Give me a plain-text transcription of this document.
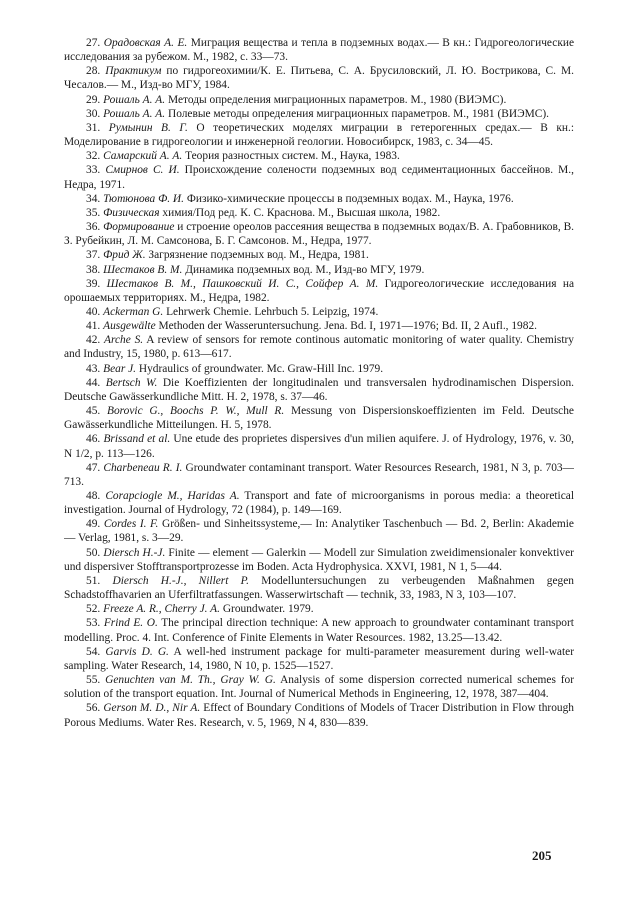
27. Орадовская А. Е. Миграция вещества и тепла в подземных водах.— В кн.: Гидрогеологические исследования за рубежом. М., 1982, с. 33—73.

28. Практикум по гидрогеохимии/К. Е. Питьева, С. А. Брусиловский, Л. Ю. Вострикова, С. М. Чесалов.— М., Изд-во МГУ, 1984.

29. Рошаль А. А. Методы определения миграционных параметров. М., 1980 (ВИЭМС).

30. Рошаль А. А. Полевые методы определения миграционных параметров. М., 1981 (ВИЭМС).

31. Румынин В. Г. О теоретических моделях миграции в гетерогенных средах.— В кн.: Моделирование в гидрогеологии и инженерной геологии. Новосибирск, 1983, с. 34—45.

32. Самарский А. А. Теория разностных систем. М., Наука, 1983.

33. Смирнов С. И. Происхождение солености подземных вод седиментационных бассейнов. М., Недра, 1971.

34. Тютюнова Ф. И. Физико-химические процессы в подземных водах. М., Наука, 1976.

35. Физическая химия/Под ред. К. С. Краснова. М., Высшая школа, 1982.

36. Формирование и строение ореолов рассеяния вещества в подземных водах/В. А. Грабовников, В. З. Рубейкин, Л. М. Самсонова, Б. Г. Самсонов. М., Недра, 1977.

37. Фрид Ж. Загрязнение подземных вод. М., Недра, 1981.

38. Шестаков В. М. Динамика подземных вод. М., Изд-во МГУ, 1979.

39. Шестаков В. М., Пашковский И. С., Сойфер А. М. Гидрогеологические исследования на орошаемых территориях. М., Недра, 1982.

40. Ackerman G. Lehrwerk Chemie. Lehrbuch 5. Leipzig, 1974.

41. Ausgewälte Methoden der Wasseruntersuchung. Jena. Bd. I, 1971—1976; Bd. II, 2 Aufl., 1982.

42. Arche S. A review of sensors for remote continous automatic monitoring of water quality. Chemistry and Industry, 15, 1980, p. 613—617.

43. Bear J. Hydraulics of groundwater. Mc. Graw-Hill Inc. 1979.

44. Bertsch W. Die Koeffizienten der longitudinalen und transversalen hydrodinamischen Dispersion. Deutsche Gawässerkundliche Mitt. H. 2, 1978, s. 37—46.

45. Borovic G., Boochs P. W., Mull R. Messung von Dispersionskoeffizienten im Feld. Deutsche Gawässerkundliche Mitteilungen. H. 5, 1978.

46. Brissand et al. Une etude des proprietes dispersives d'un milien aquifere. J. of Hydrology, 1976, v. 30, N 1/2, p. 113—126.

47. Charbeneau R. I. Groundwater contaminant transport. Water Resources Research, 1981, N 3, p. 703—713.

48. Corapciogle M., Haridas A. Transport and fate of microorganisms in porous media: a theoretical investigation. Journal of Hydrology, 72 (1984), p. 149—169.

49. Cordes I. F. Größen- und Sinheitssysteme,— In: Analytiker Taschenbuch — Bd. 2, Berlin: Akademie — Verlag, 1981, s. 3—29.

50. Diersch H.-J. Finite — element — Galerkin — Modell zur Simulation zweidimensionaler konvektiver und dispersiver Stofftransportprozesse im Boden. Acta Hydrophysica. XXVI, 1981, N 1, 5—44.

51. Diersch H.-J., Nillert P. Modelluntersuchungen zu verbeugenden Maßnahmen gegen Schadstoffhavarien an Uferfiltratfassungen. Wasserwirtschaft — technik, 33, 1983, N 3, 103—107.

52. Freeze A. R., Cherry J. A. Groundwater. 1979.

53. Frind E. O. The principal direction technique: A new approach to groundwater contaminant transport modelling. Proc. 4. Int. Conference of Finite Elements in Water Resources. 1982, 13.25—13.42.

54. Garvis D. G. A well-hed instrument package for multi-parameter measurement during well-water sampling. Water Research, 14, 1980, N 10, p. 1525—1527.

55. Genuchten van M. Th., Gray W. G. Analysis of some dispersion corrected numerical schemes for solution of the transport equation. Int. Journal of Numerical Methods in Engineering, 12, 1978, 387—404.

56. Gerson M. D., Nir A. Effect of Boundary Conditions of Models of Tracer Distribution in Flow through Porous Mediums. Water Res. Research, v. 5, 1969, N 4, 830—839.

205
